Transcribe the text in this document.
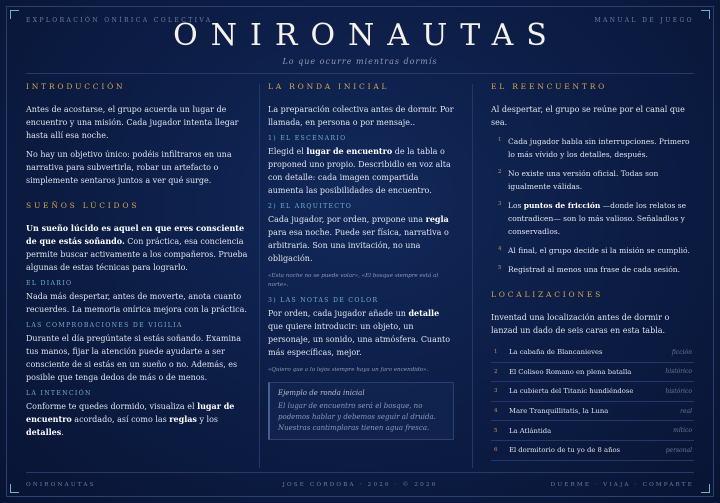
EXPLORACIÓN ONÍRICA COLECTIVA	MANUAL DE JUEGO
ONIRONAUTAS
Lo que ocurre mientras dormís
INTRODUCCIÓN

Antes de acostarse, el grupo acuerda un lugar de encuentro y una misión. Cada jugador intenta llegar hasta allí esa noche.

No hay un objetivo único: podéis infiltraros en una narrativa para subvertirla, robar un artefacto o simplemente sentaros juntos a ver qué surge.

SUEÑOS LÚCIDOS

Un sueño lúcido es aquel en que eres consciente de que estás soñando. Con práctica, esa conciencia permite buscar activamente a los compañeros. Prueba algunas de estas técnicas para lograrlo.

EL DIARIO

Nada más despertar, antes de moverte, anota cuanto recuerdes. La memoria onírica mejora con la práctica.

LAS COMPROBACIONES DE VIGILIA

Durante el día pregúntate si estás soñando. Examina tus manos, fijar la atención puede ayudarte a ser consciente de si estás en un sueño o no. Además, es posible que tenga dedos de más o de menos.

LA INTENCIÓN

Conforme te quedes dormido, visualiza el lugar de encuentro acordado, así como las reglas y los detalles.

LA RONDA INICIAL

La preparación colectiva antes de dormir. Por llamada, en persona o por mensaje..

1) EL ESCENARIO

Elegid el lugar de encuentro de la tabla o proponed uno propio. Describidlo en voz alta con detalle: cada imagen compartida aumenta las posibilidades de encuentro.

2) EL ARQUITECTO

Cada jugador, por orden, propone una regla para esa noche. Puede ser física, narrativa o arbitraria. Son una invitación, no una obligación.

«Esta noche no se puede volar», «El bosque siempre está al norte».
3) LAS NOTAS DE COLOR

Por orden, cada jugador añade un detalle que quiere introducir: un objeto, un personaje, un sonido, una atmósfera. Cuanto más específicas, mejor.

«Quiero que a lo lejos siempre haya un faro encendido».
Ejemplo de ronda inicial
El lugar de encuentro será el bosque, no podemos hablar y debemos seguir al druida. Nuestras cantimploras tienen agua fresca.
EL REENCUENTRO

Al despertar, el grupo se reúne por el canal que sea.

1 Cada jugador habla sin interrupciones. Primero lo más vívido y los detalles, después.
2 No existe una versión oficial. Todas son igualmente válidas.
3 Los puntos de fricción —donde los relatos se contradicen— son lo más valioso. Señaladlos y conservadlos.
4 Al final, el grupo decide si la misión se cumplió.
5 Registrad al menos una frase de cada sesión.
LOCALIZACIONES

Inventad una localización antes de dormir o lanzad un dado de seis caras en esta tabla.

1	La cabaña de Blancanieves	ficción
2	El Coliseo Romano en plena batalla	histórico
3	La cubierta del Titanic hundiéndose	histórico
4	Mare Tranquillitatis, la Luna	real
5	La Atlántida	mítico
6	El dormitorio de tu yo de 8 años	personal
ONIRONAUTAS	JOSE CÓRDOBA · 2026 · © 2026	DUERME · VIAJA · COMPARTE
